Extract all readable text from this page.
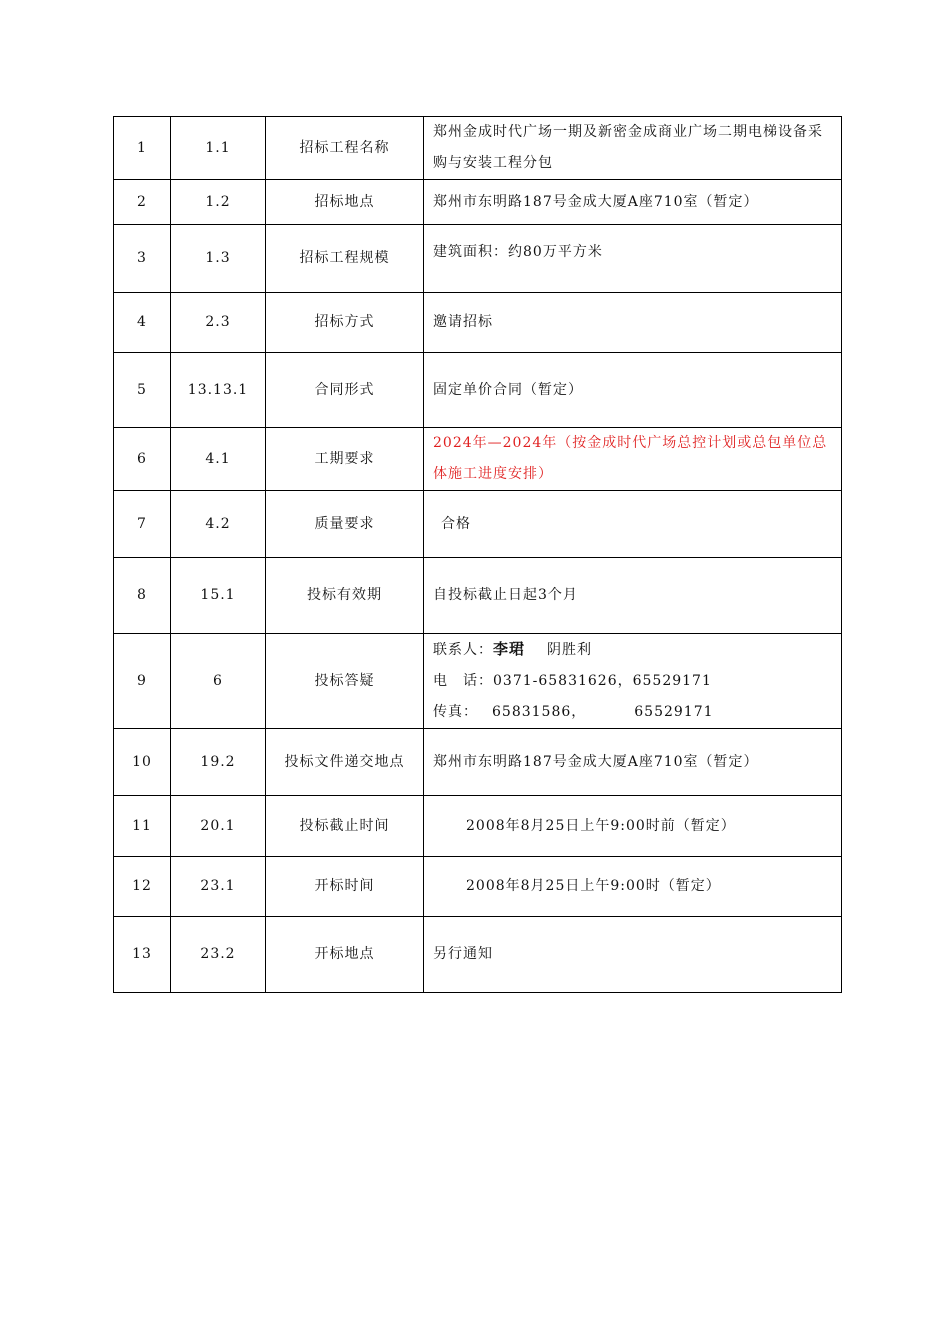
1	1.1	招标工程名称	郑州金成时代广场一期及新密金成商业广场二期电梯设备采购与安装工程分包
2	1.2	招标地点	郑州市东明路187号金成大厦A座710室（暂定）
3	1.3	招标工程规模	建筑面积：约80万平方米
4	2.3	招标方式	邀请招标
5	13.13.1	合同形式	固定单价合同（暂定）
6	4.1	工期要求	2024年—2024年（按金成时代广场总控计划或总包单位总体施工进度安排）
7	4.2	质量要求	合格
8	15.1	投标有效期	自投标截止日起3个月
9	6	投标答疑	联系人：李珺 阴胜利
电　话：0371-65831626，65529171
传真： 65831586， 65529171

10	19.2	投标文件递交地点	郑州市东明路187号金成大厦A座710室（暂定）
11	20.1	投标截止时间	2008年8月25日上午9:00时前（暂定）
12	23.1	开标时间	2008年8月25日上午9:00时（暂定）
13	23.2	开标地点	另行通知
